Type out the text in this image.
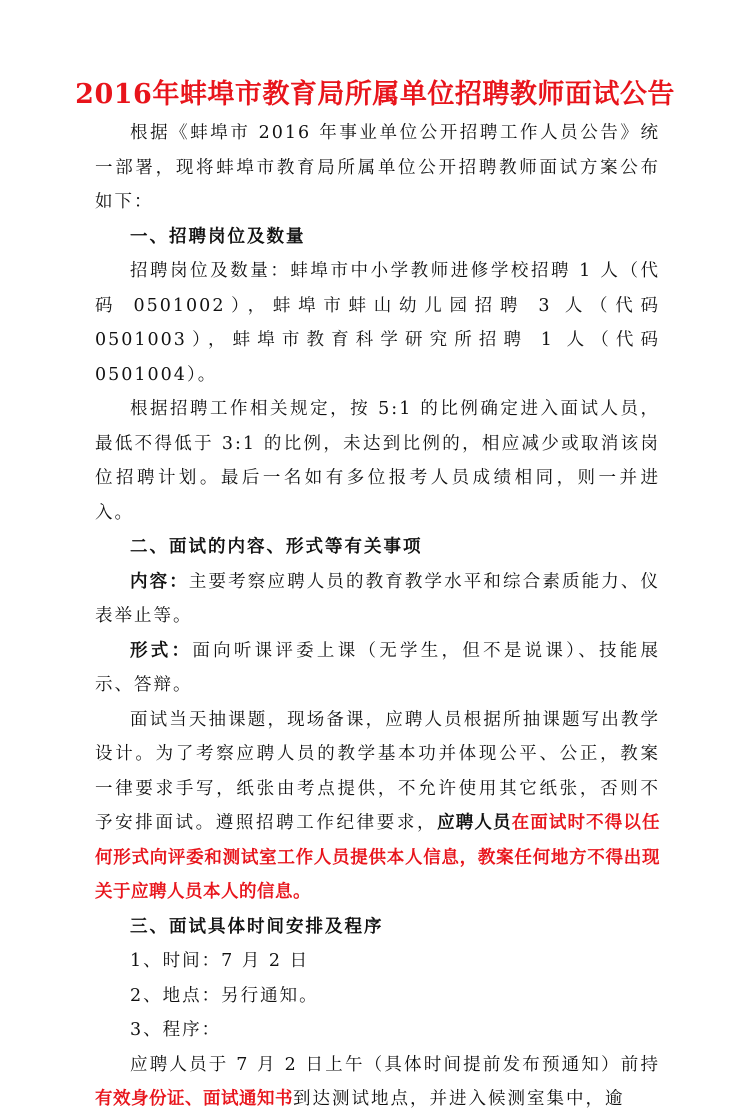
2016年蚌埠市教育局所属单位招聘教师面试公告

根据《蚌埠市 2016 年事业单位公开招聘工作人员公告》统一部署，现将蚌埠市教育局所属单位公开招聘教师面试方案公布如下：

一、招聘岗位及数量

招聘岗位及数量：蚌埠市中小学教师进修学校招聘 1 人（代码 0501002），蚌埠市蚌山幼儿园招聘 3 人（代码 0501003），蚌埠市教育科学研究所招聘 1 人（代码 0501004）。

根据招聘工作相关规定，按 5:1 的比例确定进入面试人员，最低不得低于 3:1 的比例，未达到比例的，相应减少或取消该岗位招聘计划。最后一名如有多位报考人员成绩相同，则一并进入。

二、面试的内容、形式等有关事项

内容：主要考察应聘人员的教育教学水平和综合素质能力、仪表举止等。

形式：面向听课评委上课（无学生，但不是说课）、技能展示、答辩。

面试当天抽课题，现场备课，应聘人员根据所抽课题写出教学设计。为了考察应聘人员的教学基本功并体现公平、公正，教案一律要求手写，纸张由考点提供，不允许使用其它纸张，否则不予安排面试。遵照招聘工作纪律要求，应聘人员在面试时不得以任何形式向评委和测试室工作人员提供本人信息，教案任何地方不得出现关于应聘人员本人的信息。

三、面试具体时间安排及程序

1、时间：7 月 2 日

2、地点：另行通知。

3、程序：

应聘人员于 7 月 2 日上午（具体时间提前发布预通知）前持有效身份证、面试通知书到达测试地点，并进入候测室集中，逾
